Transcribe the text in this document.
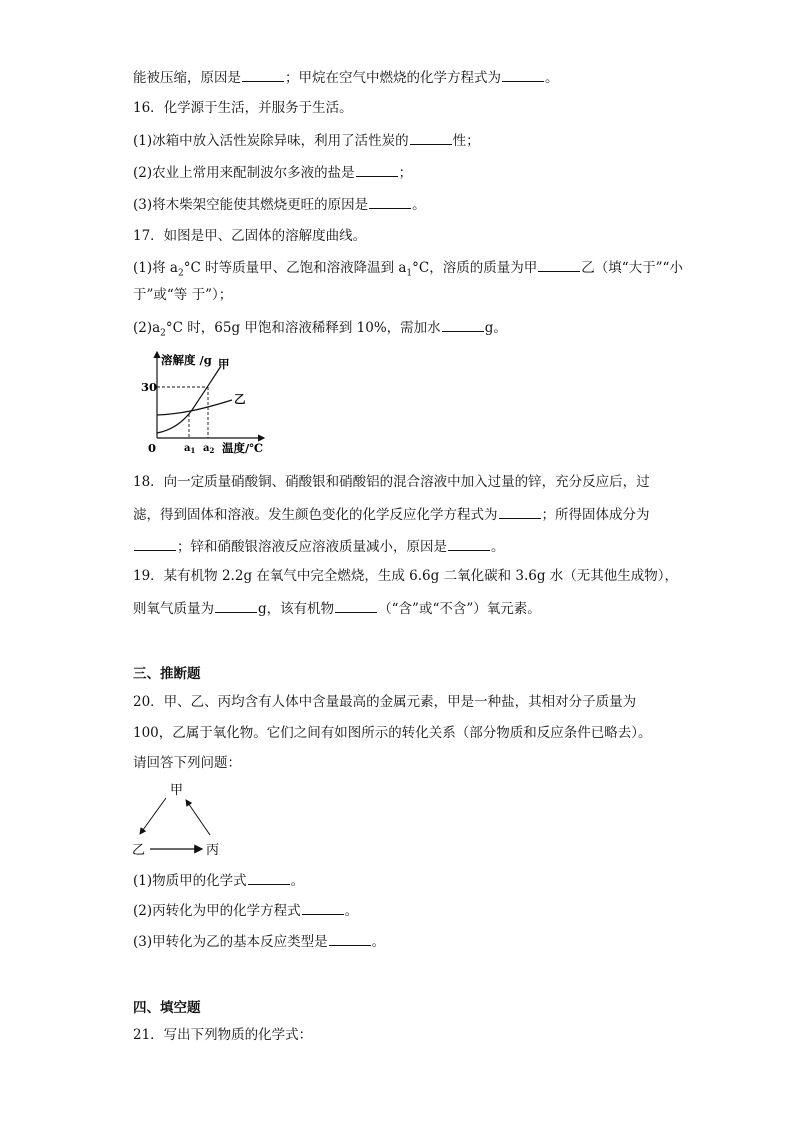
能被压缩，原因是	；甲烷在空气中燃烧的化学方程式为	。
16．化学源于生活，并服务于生活。
(1)冰箱中放入活性炭除异味，利用了活性炭的	性；
(2)农业上常用来配制波尔多液的盐是	；
(3)将木柴架空能使其燃烧更旺的原因是	。
17．如图是甲、乙固体的溶解度曲线。
(1)将 $a_2^\circ C$ 时等质量甲、乙饱和溶液降温到 $a_1^\circ C$，溶质的质量为甲	乙（填“大于”“小
于”或“等 于”）；
$(2)a_2^\circ C$ 时，65g 甲饱和溶液稀释到 10%，需加水	g。
溶解度 /g
温度/℃
30
0	$a_1$ $a_2$
甲
乙
18．向一定质量硝酸铜、硝酸银和硝酸铝的混合溶液中加入过量的锌，充分反应后，过
滤，得到固体和溶液。发生颜色变化的化学反应化学方程式为	；所得固体成分为
；锌和硝酸银溶液反应溶液质量减小，原因是	。
19．某有机物 2.2g 在氧气中完全燃烧，生成 6.6g 二氧化碳和 3.6g 水（无其他生成物），
则氧气质量为	g，该有机物	（“含”或“不含”）氧元素。
三、推断题
20．甲、乙、丙均含有人体中含量最高的金属元素，甲是一种盐，其相对分子质量为
100，乙属于氧化物。它们之间有如图所示的转化关系（部分物质和反应条件已略去）。
请回答下列问题：
甲
乙	丙
(1)物质甲的化学式	。
(2)丙转化为甲的化学方程式	。
(3)甲转化为乙的基本反应类型是	。
四、填空题
21．写出下列物质的化学式：
